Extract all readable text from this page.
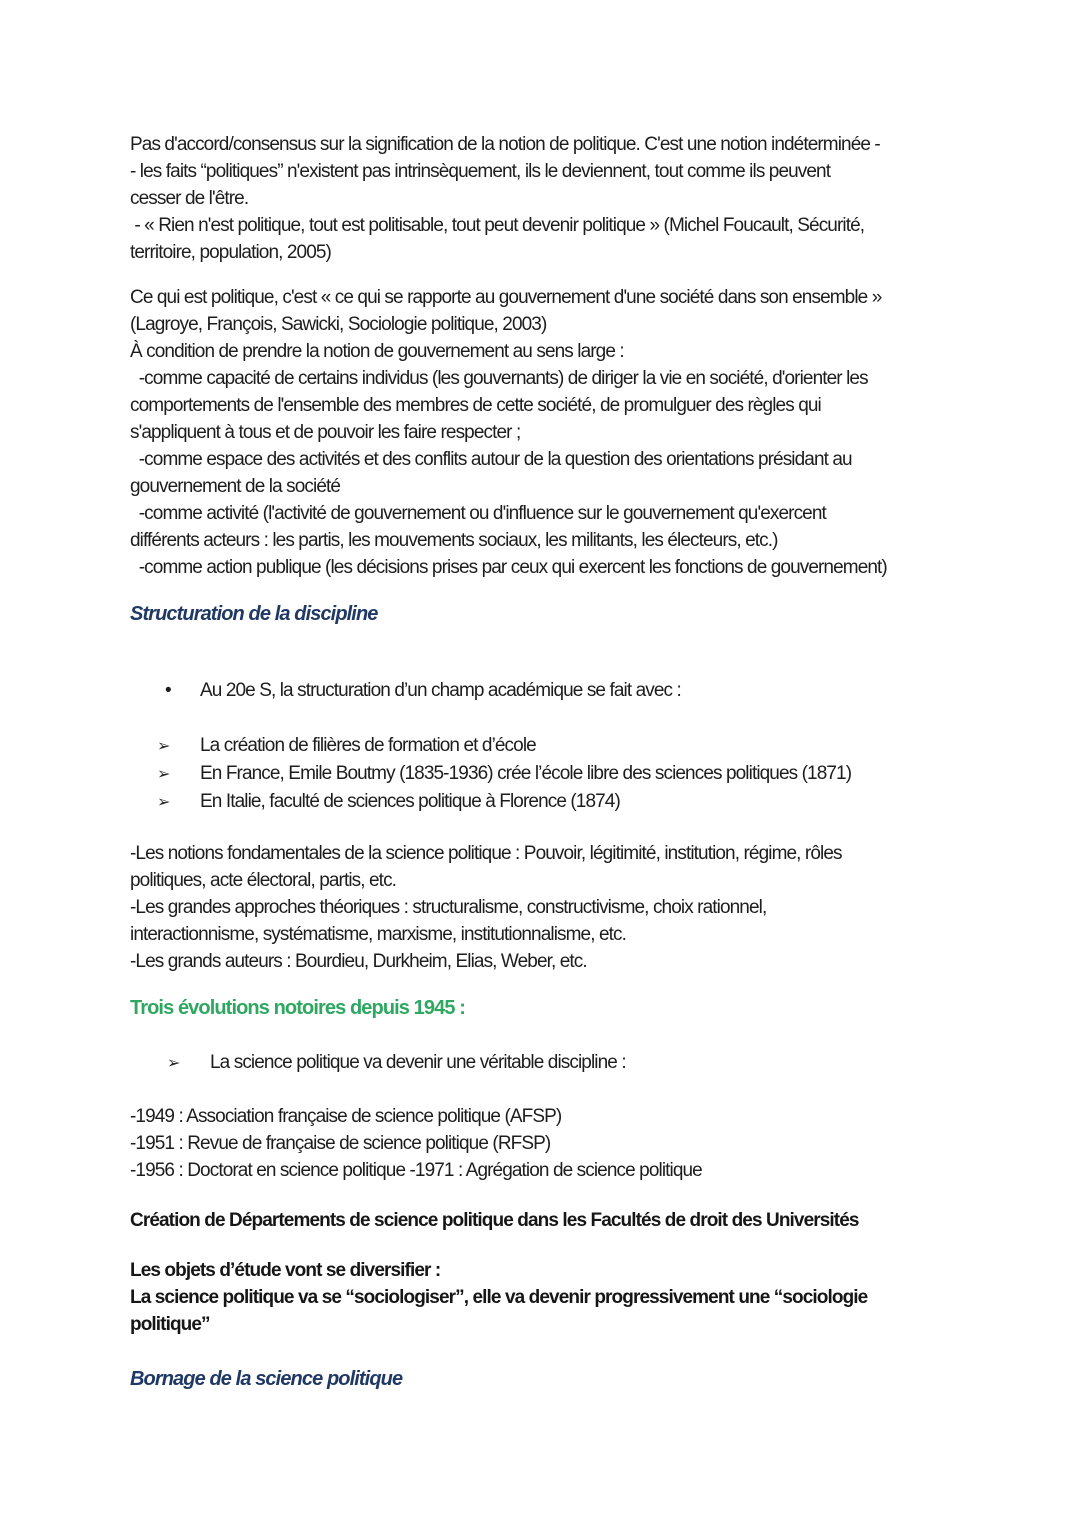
Pas d'accord/consensus sur la signification de la notion de politique. C'est une notion indéterminée -
- les faits “politiques” n'existent pas intrinsèquement, ils le deviennent, tout comme ils peuvent
cesser de l'être.
- « Rien n'est politique, tout est politisable, tout peut devenir politique » (Michel Foucault, Sécurité,
territoire, population, 2005)
Ce qui est politique, c'est « ce qui se rapporte au gouvernement d'une société dans son ensemble »
(Lagroye, François, Sawicki, Sociologie politique, 2003)
À condition de prendre la notion de gouvernement au sens large :
-comme capacité de certains individus (les gouvernants) de diriger la vie en société, d'orienter les
comportements de l'ensemble des membres de cette société, de promulguer des règles qui
s'appliquent à tous et de pouvoir les faire respecter ;
-comme espace des activités et des conflits autour de la question des orientations présidant au
gouvernement de la société
-comme activité (l'activité de gouvernement ou d'influence sur le gouvernement qu'exercent
différents acteurs : les partis, les mouvements sociaux, les militants, les électeurs, etc.)
-comme action publique (les décisions prises par ceux qui exercent les fonctions de gouvernement)
Structuration de la discipline
•	Au 20e S, la structuration d’un champ académique se fait avec :
➢	La création de filières de formation et d’école
➢	En France, Emile Boutmy (1835-1936) crée l’école libre des sciences politiques (1871)
➢	En Italie, faculté de sciences politique à Florence (1874)
-Les notions fondamentales de la science politique : Pouvoir, légitimité, institution, régime, rôles
politiques, acte électoral, partis, etc.
-Les grandes approches théoriques : structuralisme, constructivisme, choix rationnel,
interactionnisme, systématisme, marxisme, institutionnalisme, etc.
-Les grands auteurs : Bourdieu, Durkheim, Elias, Weber, etc.
Trois évolutions notoires depuis 1945 :
➢	La science politique va devenir une véritable discipline :
-1949 : Association française de science politique (AFSP)
-1951 : Revue de française de science politique (RFSP)
-1956 : Doctorat en science politique -1971 : Agrégation de science politique
Création de Départements de science politique dans les Facultés de droit des Universités
Les objets d’étude vont se diversifier :
La science politique va se “sociologiser”, elle va devenir progressivement une “sociologie
politique”
Bornage de la science politique
